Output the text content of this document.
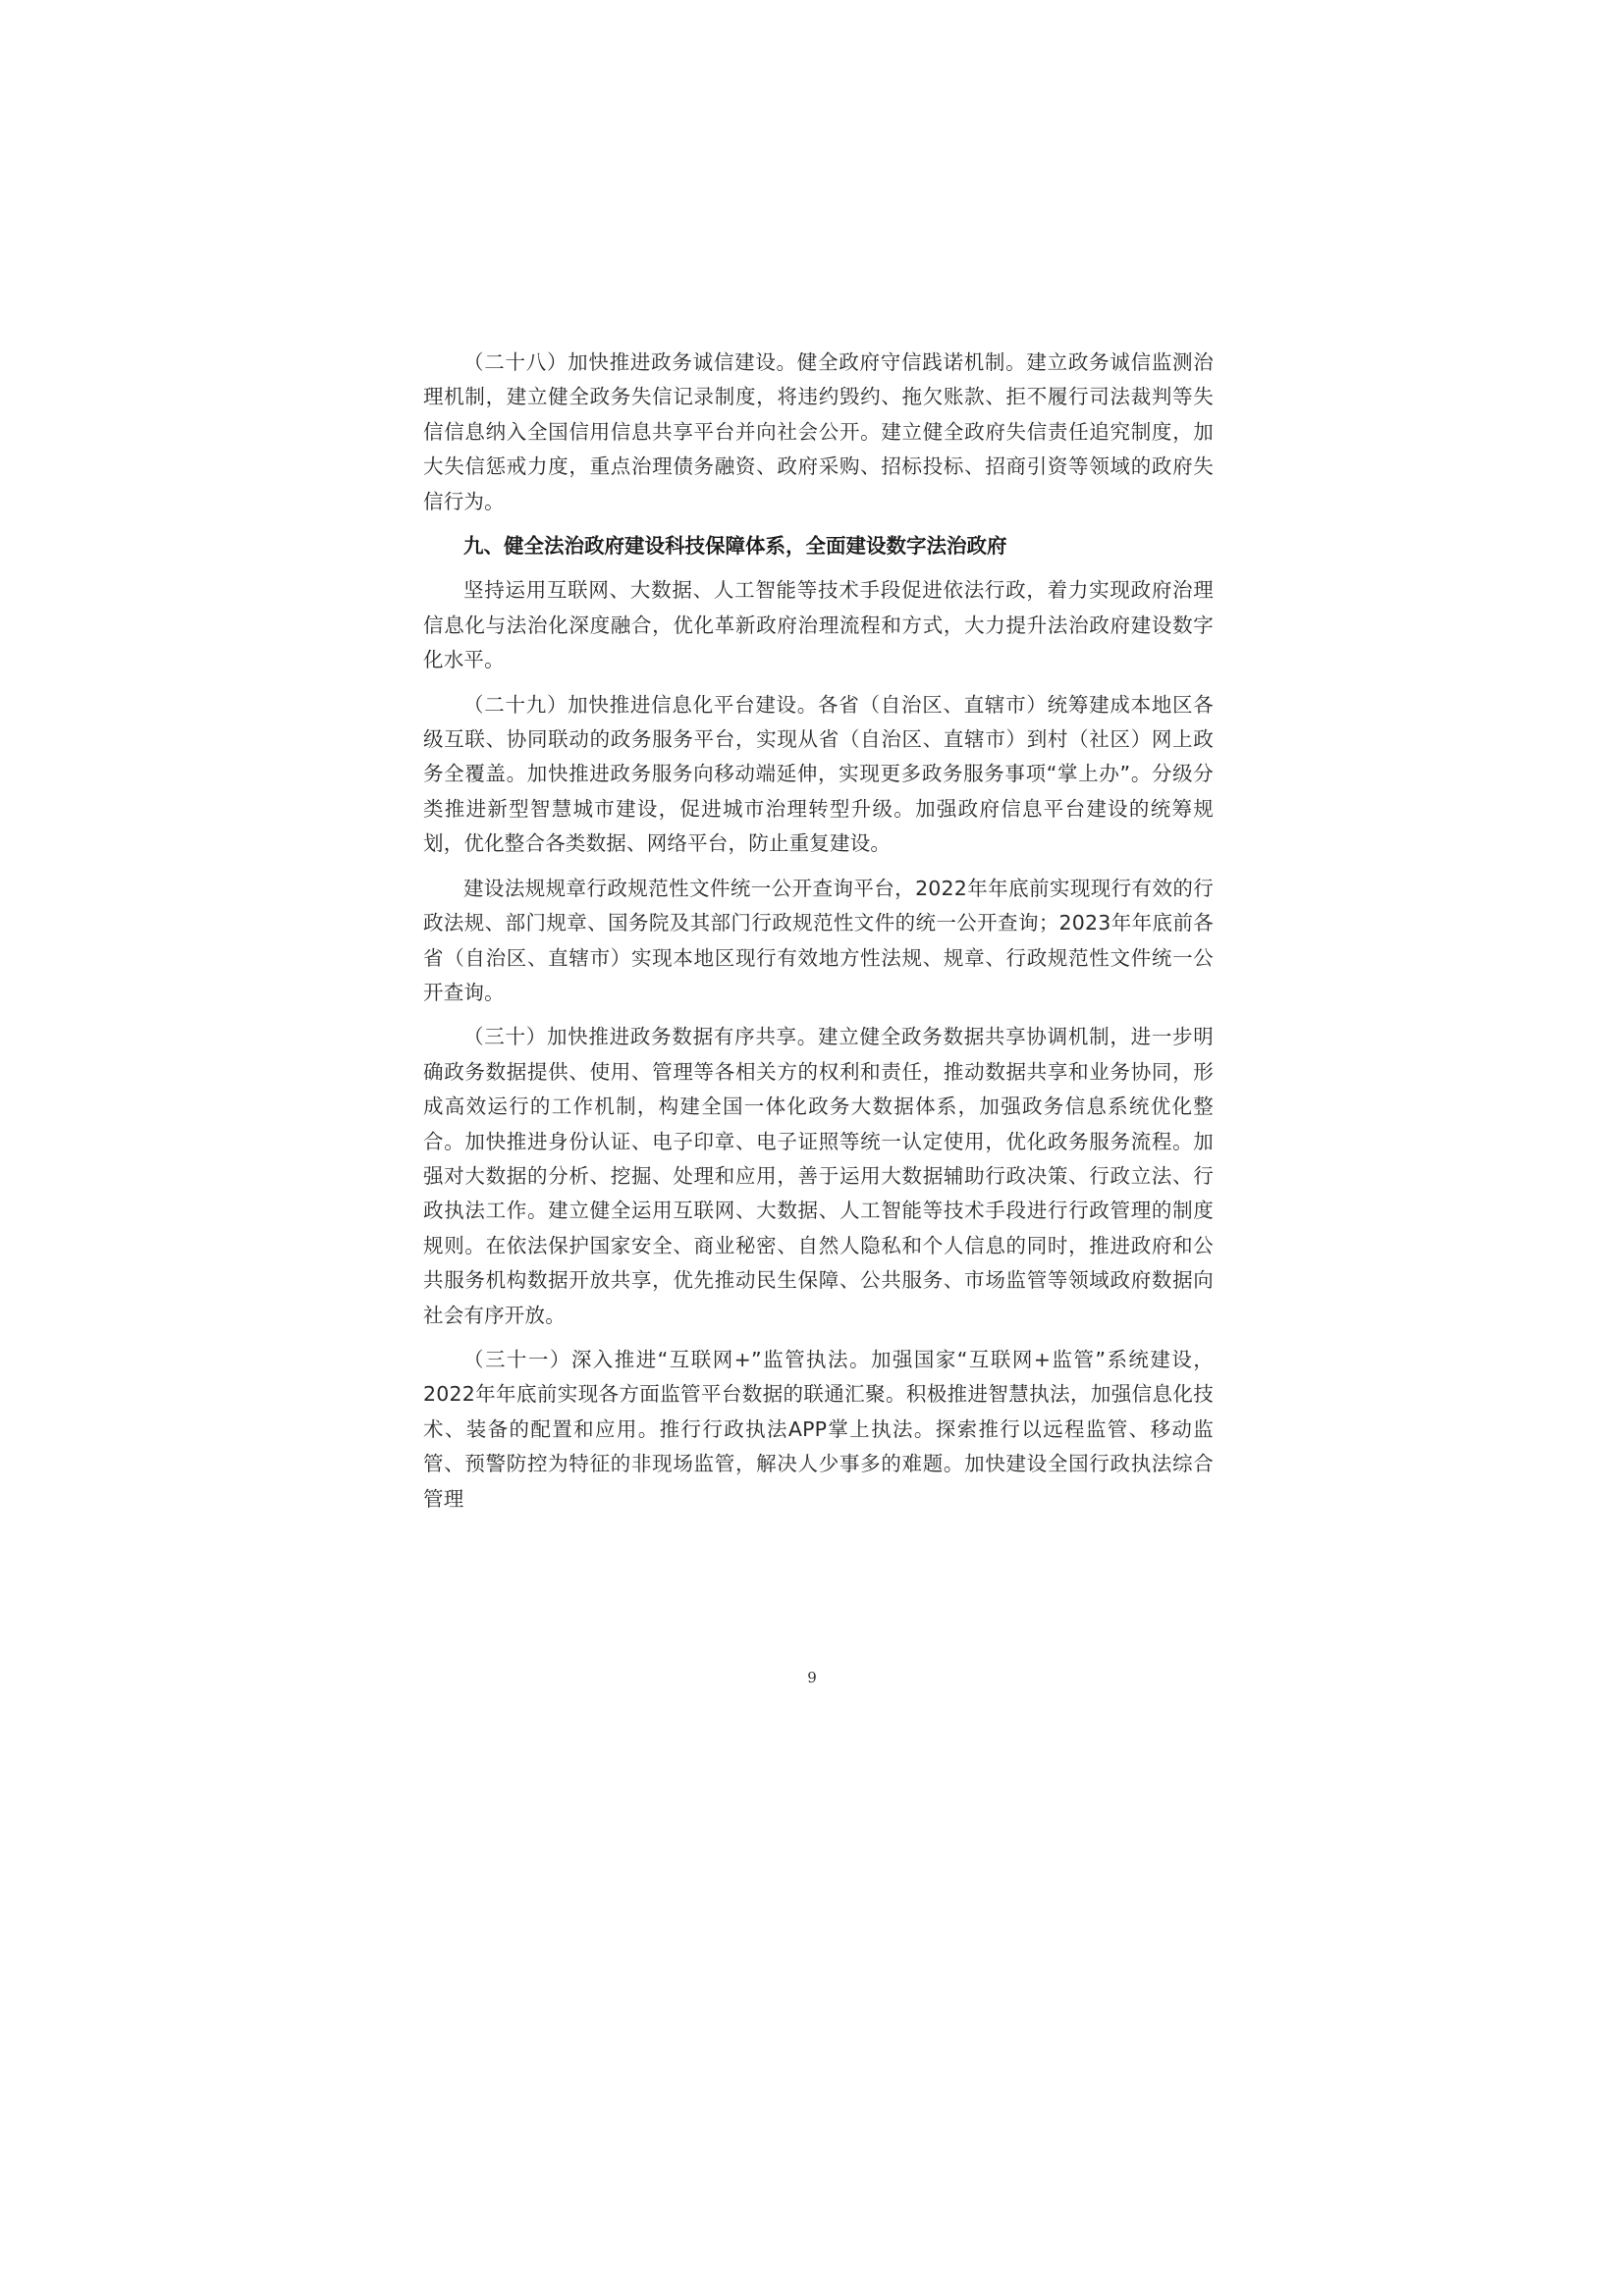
（二十八）加快推进政务诚信建设。健全政府守信践诺机制。建立政务诚信监测治理机制，建立健全政务失信记录制度，将违约毁约、拖欠账款、拒不履行司法裁判等失信信息纳入全国信用信息共享平台并向社会公开。建立健全政府失信责任追究制度，加大失信惩戒力度，重点治理债务融资、政府采购、招标投标、招商引资等领域的政府失信行为。

九、健全法治政府建设科技保障体系，全面建设数字法治政府

坚持运用互联网、大数据、人工智能等技术手段促进依法行政，着力实现政府治理信息化与法治化深度融合，优化革新政府治理流程和方式，大力提升法治政府建设数字化水平。

（二十九）加快推进信息化平台建设。各省（自治区、直辖市）统筹建成本地区各级互联、协同联动的政务服务平台，实现从省（自治区、直辖市）到村（社区）网上政务全覆盖。加快推进政务服务向移动端延伸，实现更多政务服务事项“掌上办”。分级分类推进新型智慧城市建设，促进城市治理转型升级。加强政府信息平台建设的统筹规划，优化整合各类数据、网络平台，防止重复建设。

建设法规规章行政规范性文件统一公开查询平台，2022年年底前实现现行有效的行政法规、部门规章、国务院及其部门行政规范性文件的统一公开查询；2023年年底前各省（自治区、直辖市）实现本地区现行有效地方性法规、规章、行政规范性文件统一公开查询。

（三十）加快推进政务数据有序共享。建立健全政务数据共享协调机制，进一步明确政务数据提供、使用、管理等各相关方的权利和责任，推动数据共享和业务协同，形成高效运行的工作机制，构建全国一体化政务大数据体系，加强政务信息系统优化整合。加快推进身份认证、电子印章、电子证照等统一认定使用，优化政务服务流程。加强对大数据的分析、挖掘、处理和应用，善于运用大数据辅助行政决策、行政立法、行政执法工作。建立健全运用互联网、大数据、人工智能等技术手段进行行政管理的制度规则。在依法保护国家安全、商业秘密、自然人隐私和个人信息的同时，推进政府和公共服务机构数据开放共享，优先推动民生保障、公共服务、市场监管等领域政府数据向社会有序开放。

（三十一）深入推进“互联网+”监管执法。加强国家“互联网+监管”系统建设，2022年年底前实现各方面监管平台数据的联通汇聚。积极推进智慧执法，加强信息化技术、装备的配置和应用。推行行政执法APP掌上执法。探索推行以远程监管、移动监管、预警防控为特征的非现场监管，解决人少事多的难题。加快建设全国行政执法综合管理

9
